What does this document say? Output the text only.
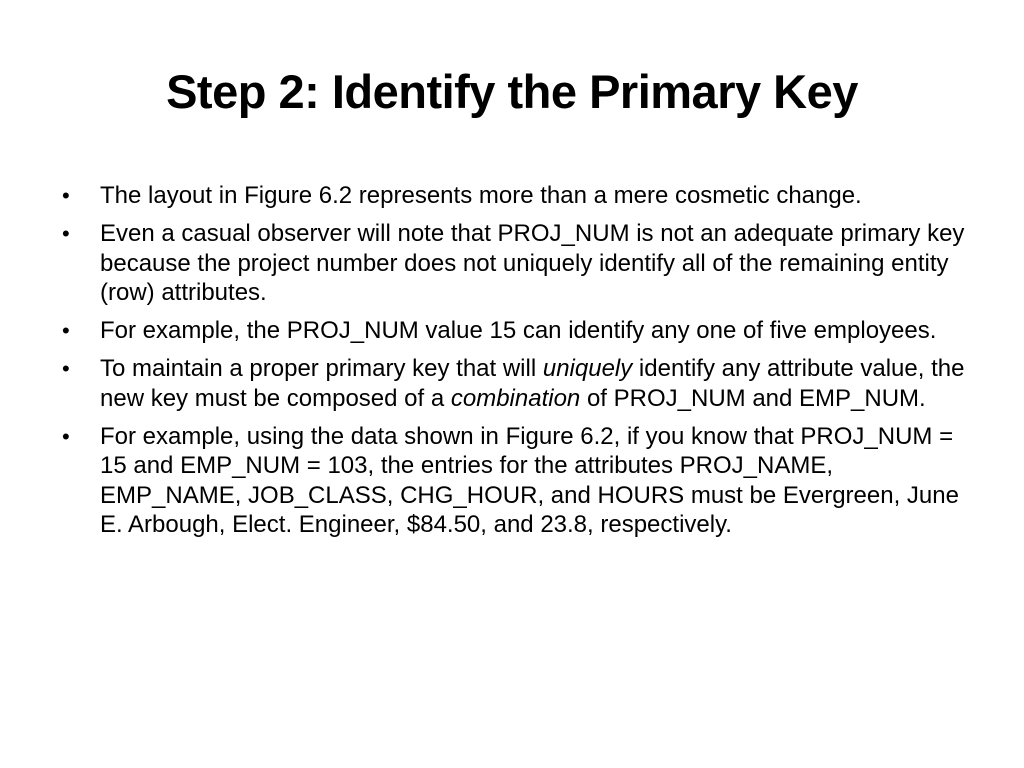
Step 2: Identify the Primary Key
• The layout in Figure 6.2 represents more than a mere cosmetic change.
• Even a casual observer will note that PROJ_NUM is not an adequate primary key because the project number does not uniquely identify all of the remaining entity (row) attributes.
• For example, the PROJ_NUM value 15 can identify any one of five employees.
• To maintain a proper primary key that will uniquely identify any attribute value, the new key must be composed of a combination of PROJ_NUM and EMP_NUM.
• For example, using the data shown in Figure 6.2, if you know that PROJ_NUM = 15 and EMP_NUM = 103, the entries for the attributes PROJ_NAME, EMP_NAME, JOB_CLASS, CHG_HOUR, and HOURS must be Evergreen, June E. Arbough, Elect. Engineer, $84.50, and 23.8, respectively.
